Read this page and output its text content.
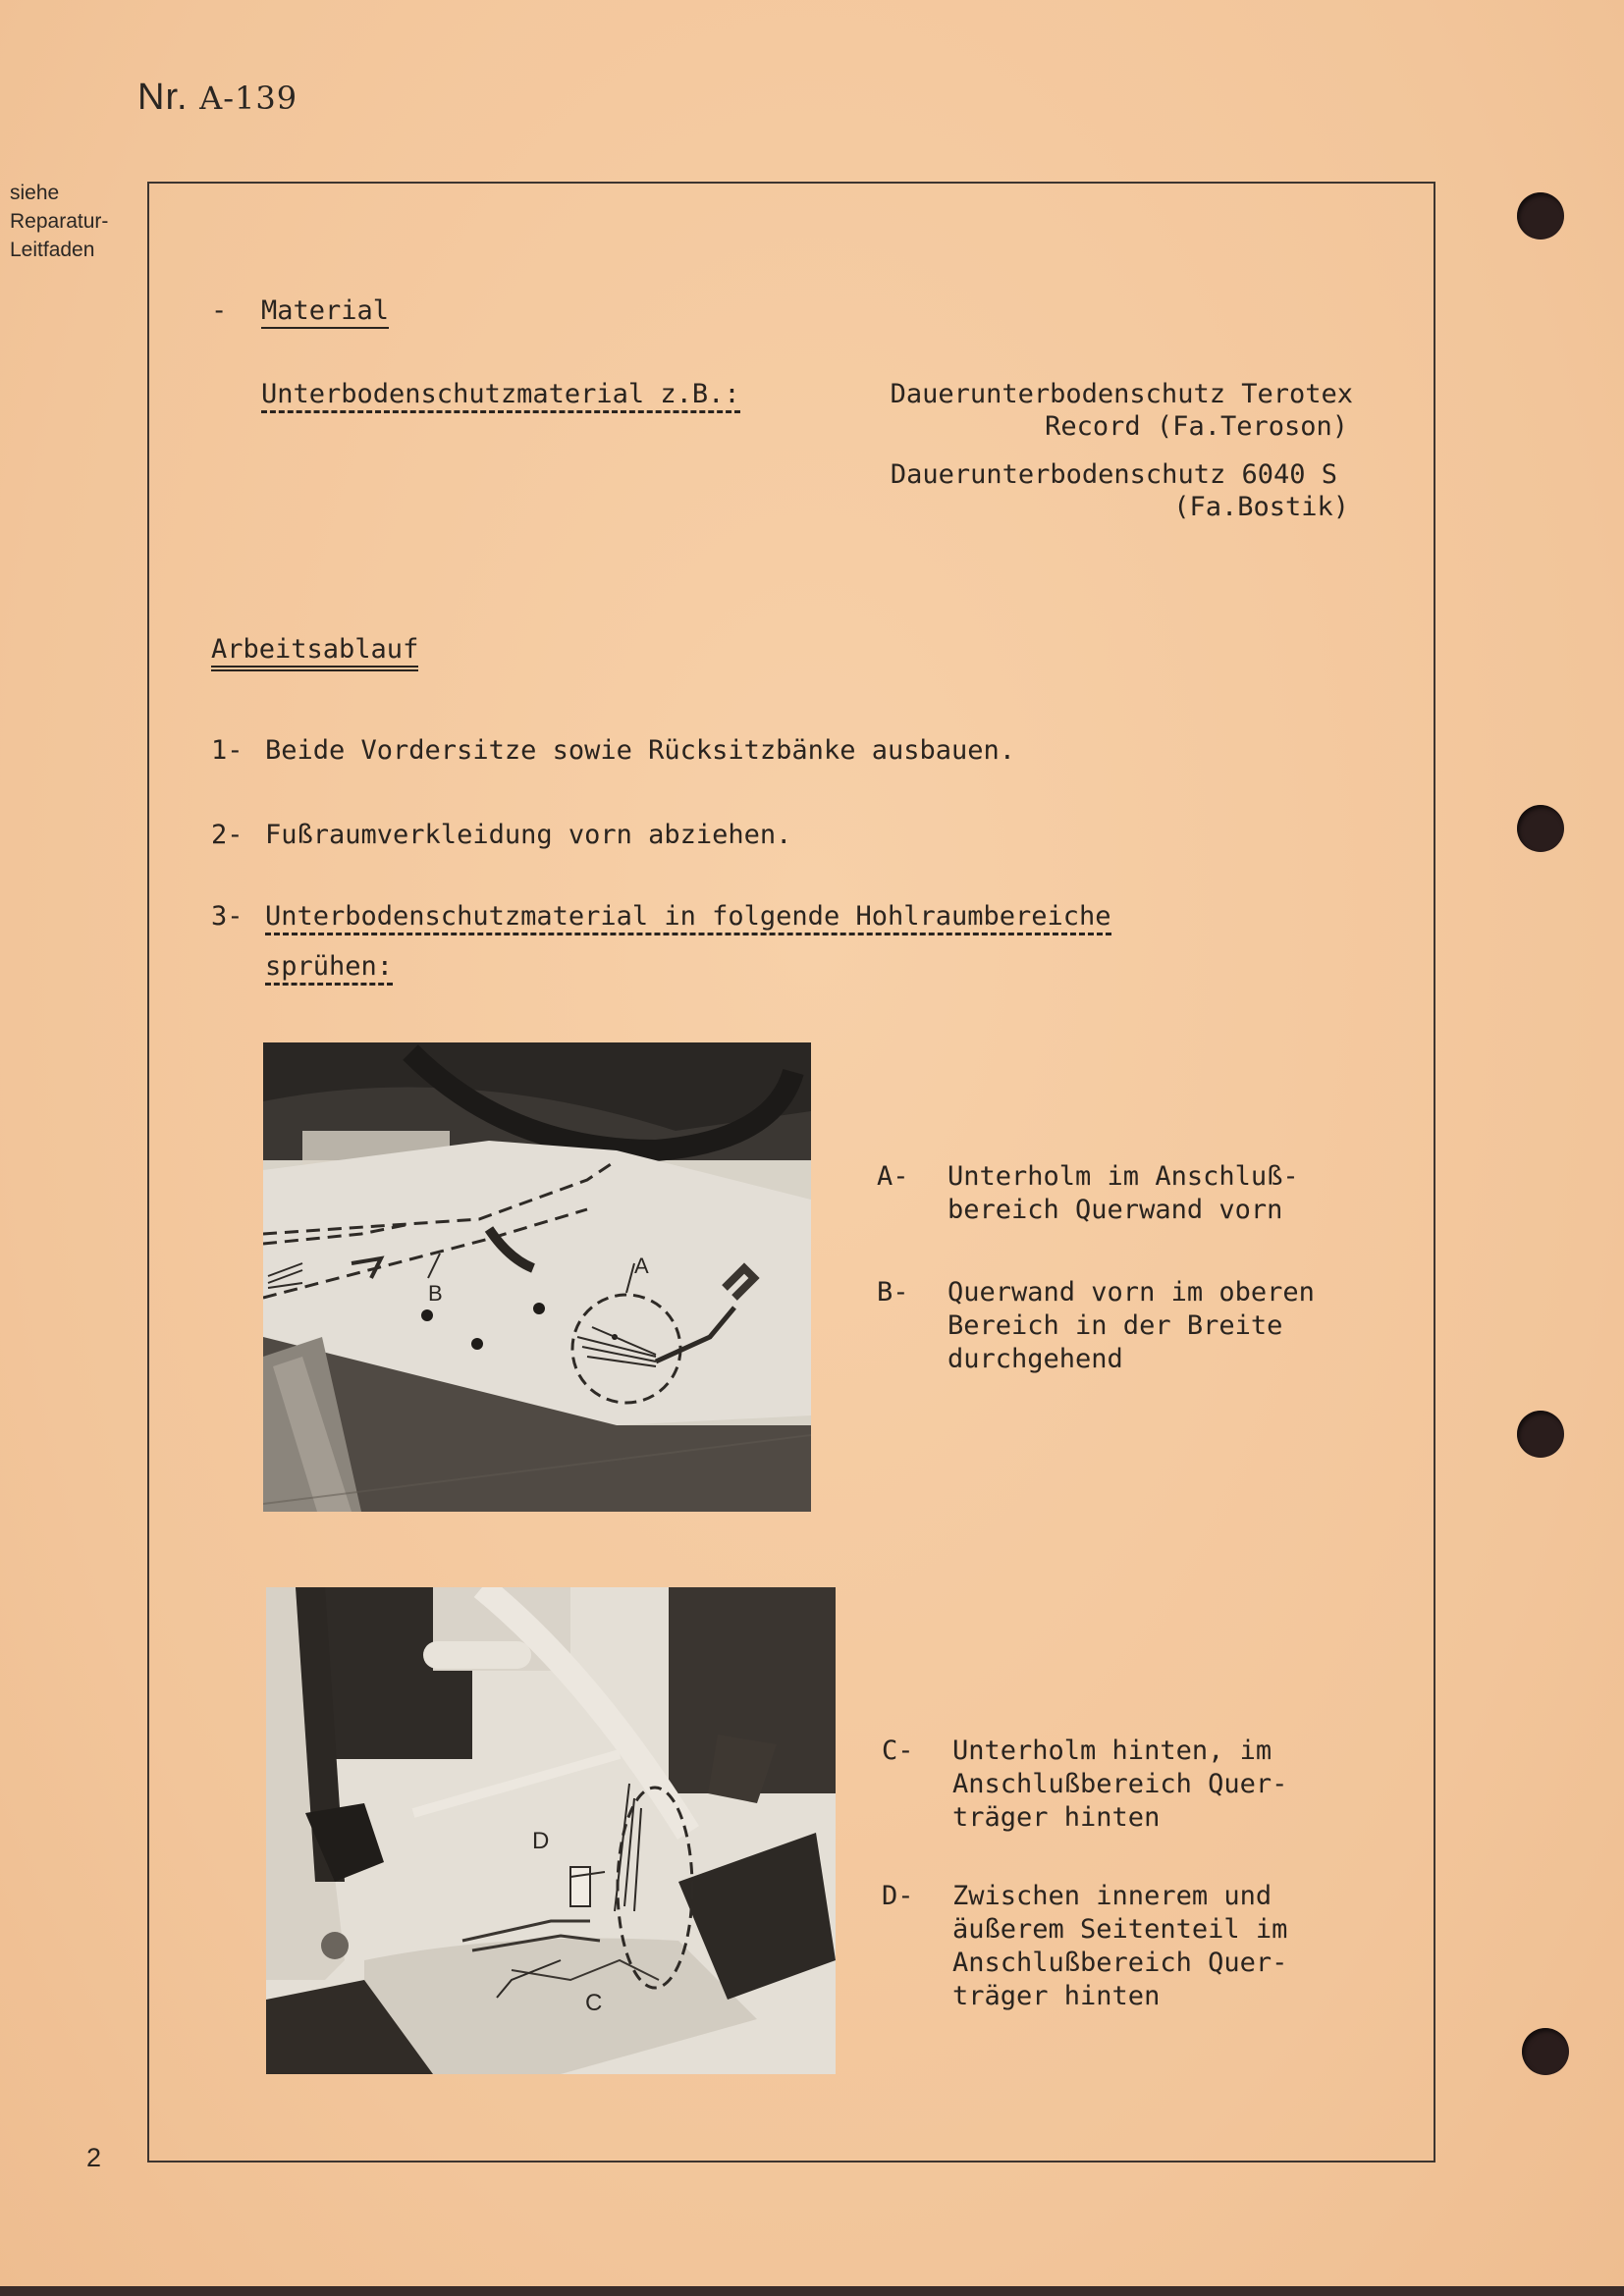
Nr. A-139
siehe
Reparatur-
Leitfaden
2
- Material
Unterbodenschutzmaterial z.B.:	Dauerunterbodenschutz Terotex
Record (Fa.Teroson)
Dauerunterbodenschutz 6040 S
(Fa.Bostik)
Arbeitsablauf
1- Beide Vordersitze sowie Rücksitzbänke ausbauen.
2- Fußraumverkleidung vorn abziehen.
3- Unterbodenschutzmaterial in folgende Hohlraumbereiche
sprühen:
B
A
A- Unterholm im Anschluß-
bereich Querwand vorn
B- Querwand vorn im oberen
Bereich in der Breite
durchgehend
D
C
C- Unterholm hinten, im
Anschlußbereich Quer-
träger hinten
D- Zwischen innerem und
äußerem Seitenteil im
Anschlußbereich Quer-
träger hinten
